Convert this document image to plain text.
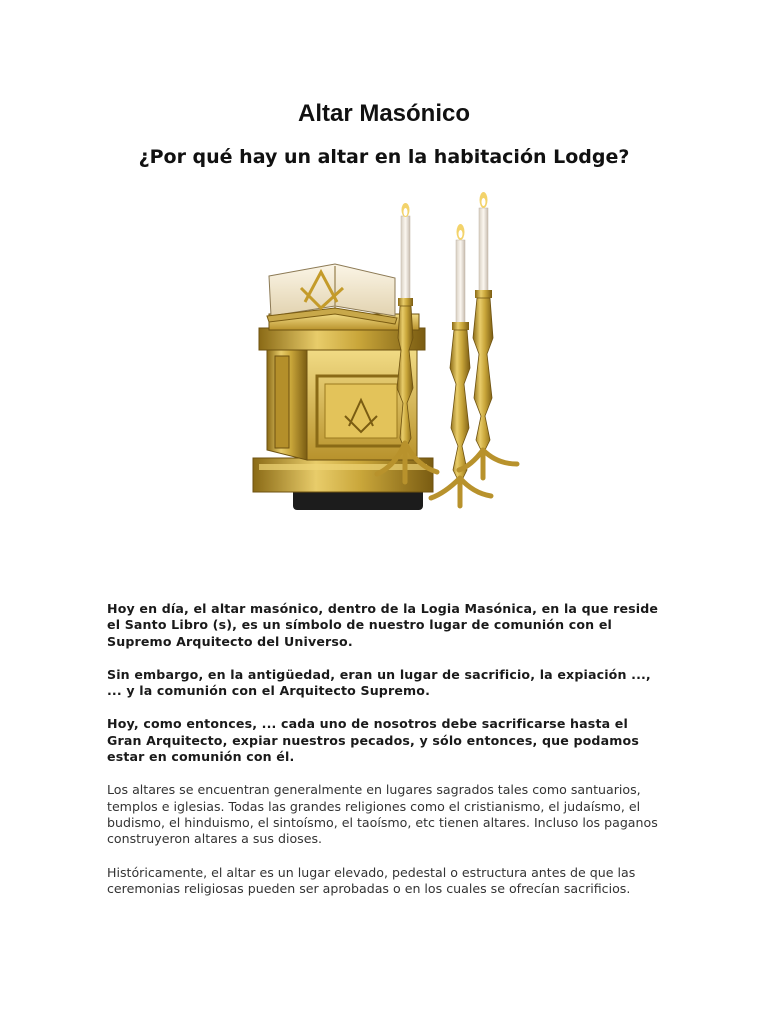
Altar Masónico
¿Por qué hay un altar en la habitación Lodge?

Hoy en día, el altar masónico, dentro de la Logia Masónica, en la que reside el Santo Libro (s), es un símbolo de nuestro lugar de comunión con el Supremo Arquitecto del Universo.

Sin embargo, en la antigüedad, eran un lugar de sacrificio, la expiación ..., ... y la comunión con el Arquitecto Supremo.

Hoy, como entonces, ... cada uno de nosotros debe sacrificarse hasta el Gran Arquitecto, expiar nuestros pecados, y sólo entonces, que podamos estar en comunión con él.

Los altares se encuentran generalmente en lugares sagrados tales como santuarios, templos e iglesias. Todas las grandes religiones como el cristianismo, el judaísmo, el budismo, el hinduismo, el sintoísmo, el taoísmo, etc tienen altares. Incluso los paganos construyeron altares a sus dioses.

Históricamente, el altar es un lugar elevado, pedestal o estructura antes de que las ceremonias religiosas pueden ser aprobadas o en los cuales se ofrecían sacrificios.
